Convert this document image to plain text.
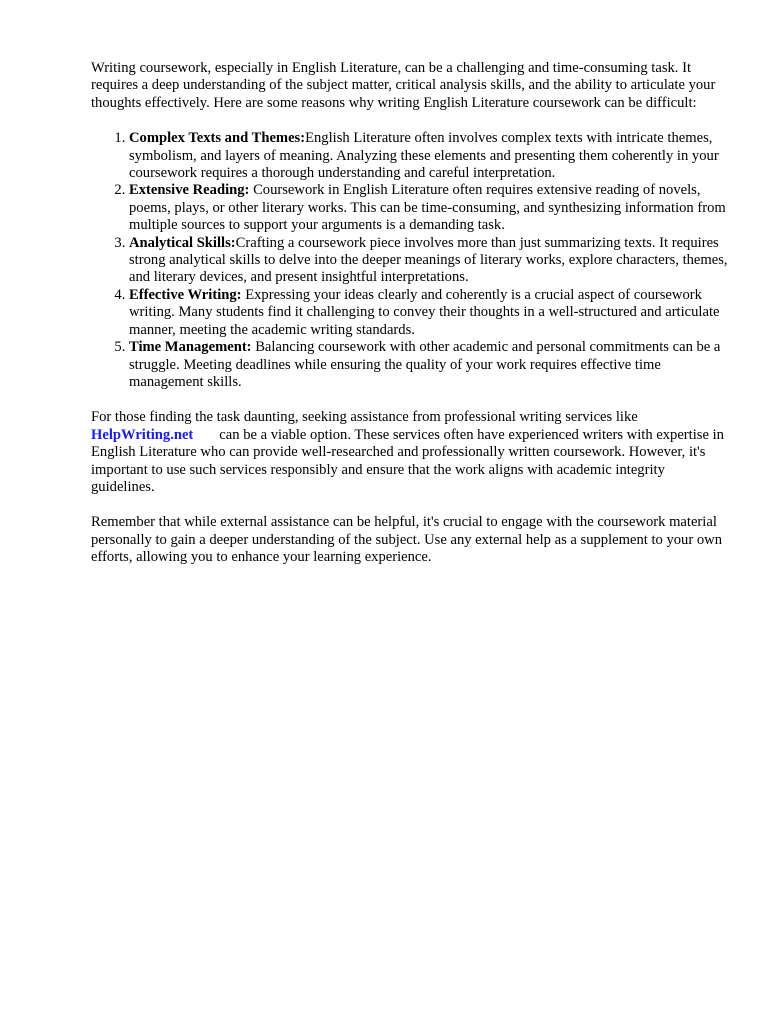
Writing coursework, especially in English Literature, can be a challenging and time-consuming task. It requires a deep understanding of the subject matter, critical analysis skills, and the ability to articulate your thoughts effectively. Here are some reasons why writing English Literature coursework can be difficult:

1. Complex Texts and Themes:English Literature often involves complex texts with intricate themes, symbolism, and layers of meaning. Analyzing these elements and presenting them coherently in your coursework requires a thorough understanding and careful interpretation.
2. Extensive Reading: Coursework in English Literature often requires extensive reading of novels, poems, plays, or other literary works. This can be time-consuming, and synthesizing information from multiple sources to support your arguments is a demanding task.
3. Analytical Skills:Crafting a coursework piece involves more than just summarizing texts. It requires strong analytical skills to delve into the deeper meanings of literary works, explore characters, themes, and literary devices, and present insightful interpretations.
4. Effective Writing: Expressing your ideas clearly and coherently is a crucial aspect of coursework writing. Many students find it challenging to convey their thoughts in a well-structured and articulate manner, meeting the academic writing standards.
5. Time Management: Balancing coursework with other academic and personal commitments can be a struggle. Meeting deadlines while ensuring the quality of your work requires effective time management skills.

For those finding the task daunting, seeking assistance from professional writing services like
HelpWriting.net can be a viable option. These services often have experienced writers with expertise in English Literature who can provide well-researched and professionally written coursework. However, it's important to use such services responsibly and ensure that the work aligns with academic integrity guidelines.

Remember that while external assistance can be helpful, it's crucial to engage with the coursework material personally to gain a deeper understanding of the subject. Use any external help as a supplement to your own efforts, allowing you to enhance your learning experience.
